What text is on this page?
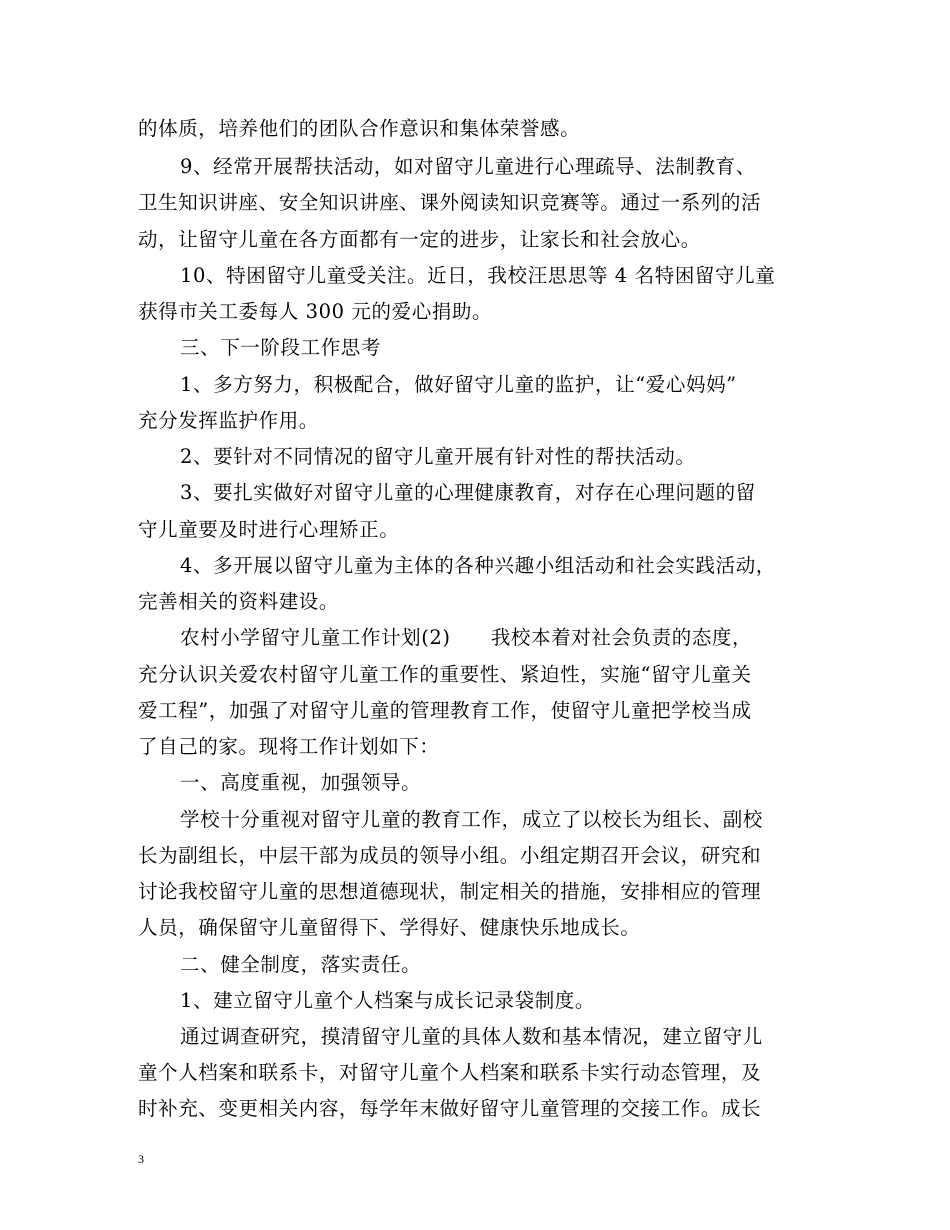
的体质，培养他们的团队合作意识和集体荣誉感。
9、经常开展帮扶活动，如对留守儿童进行心理疏导、法制教育、
卫生知识讲座、安全知识讲座、课外阅读知识竞赛等。通过一系列的活
动，让留守儿童在各方面都有一定的进步，让家长和社会放心。
10、特困留守儿童受关注。近日，我校汪思思等 4 名特困留守儿童
获得市关工委每人 300 元的爱心捐助。
三、下一阶段工作思考
1、多方努力，积极配合，做好留守儿童的监护，让“爱心妈妈”
充分发挥监护作用。
2、要针对不同情况的留守儿童开展有针对性的帮扶活动。
3、要扎实做好对留守儿童的心理健康教育，对存在心理问题的留
守儿童要及时进行心理矫正。
4、多开展以留守儿童为主体的各种兴趣小组活动和社会实践活动，
完善相关的资料建设。
农村小学留守儿童工作计划(2)　　我校本着对社会负责的态度，
充分认识关爱农村留守儿童工作的重要性、紧迫性，实施“留守儿童关
爱工程”，加强了对留守儿童的管理教育工作，使留守儿童把学校当成
了自己的家。现将工作计划如下：
一、高度重视，加强领导。
学校十分重视对留守儿童的教育工作，成立了以校长为组长、副校
长为副组长，中层干部为成员的领导小组。小组定期召开会议，研究和
讨论我校留守儿童的思想道德现状，制定相关的措施，安排相应的管理
人员，确保留守儿童留得下、学得好、健康快乐地成长。
二、健全制度，落实责任。
1、建立留守儿童个人档案与成长记录袋制度。
通过调查研究，摸清留守儿童的具体人数和基本情况，建立留守儿
童个人档案和联系卡，对留守儿童个人档案和联系卡实行动态管理，及
时补充、变更相关内容，每学年末做好留守儿童管理的交接工作。成长
3
